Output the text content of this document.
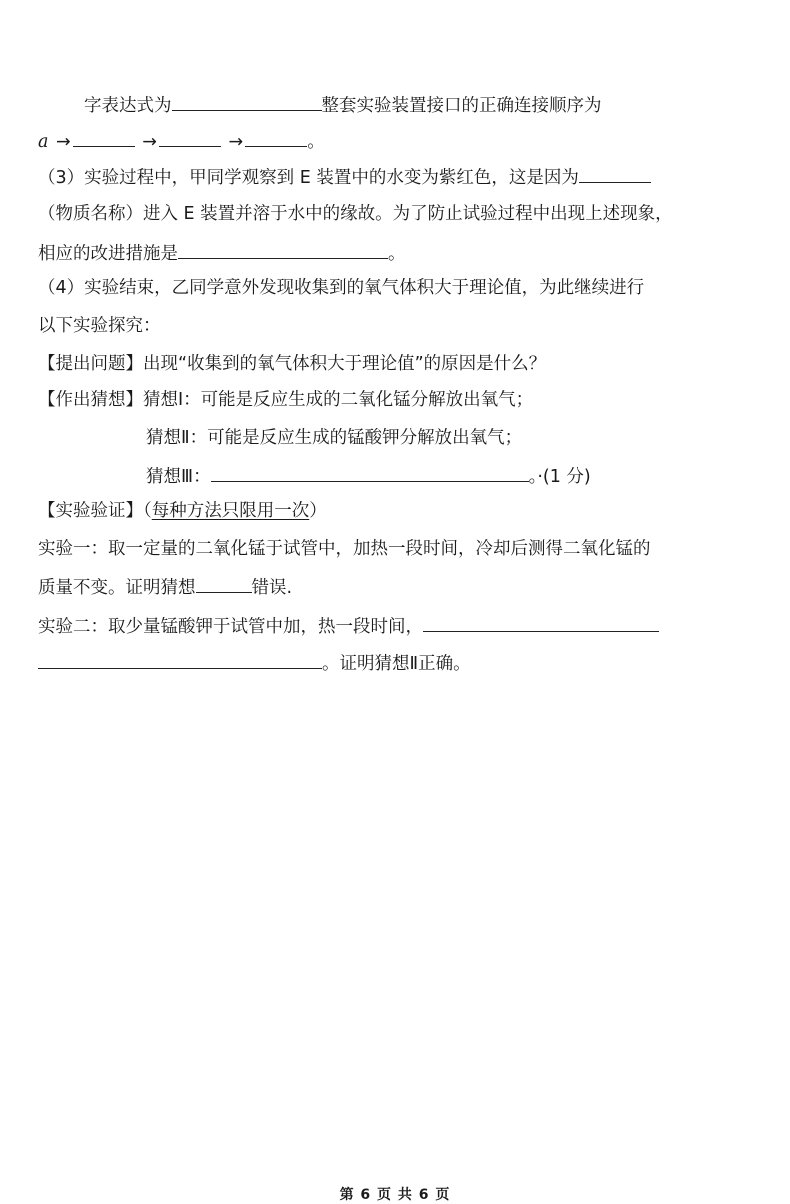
字表达式为	整套实验装置接口的正确连接顺序为
a →	→	→	。
（3）实验过程中，甲同学观察到 E 装置中的水变为紫红色，这是因为
（物质名称）进入 E 装置并溶于水中的缘故。为了防止试验过程中出现上述现象，
相应的改进措施是	。
（4）实验结束，乙同学意外发现收集到的氧气体积大于理论值，为此继续进行
以下实验探究：
【提出问题】出现“收集到的氧气体积大于理论值”的原因是什么？
【作出猜想】猜想Ⅰ：可能是反应生成的二氧化锰分解放出氧气；
猜想Ⅱ：可能是反应生成的锰酸钾分解放出氧气；
猜想Ⅲ：	。·(1 分)
【实验验证】（每种方法只限用一次）
实验一：取一定量的二氧化锰于试管中，加热一段时间，冷却后测得二氧化锰的
质量不变。证明猜想	错误.
实验二：取少量锰酸钾于试管中加，热一段时间，
。证明猜想Ⅱ正确。
第 6 页 共 6 页
